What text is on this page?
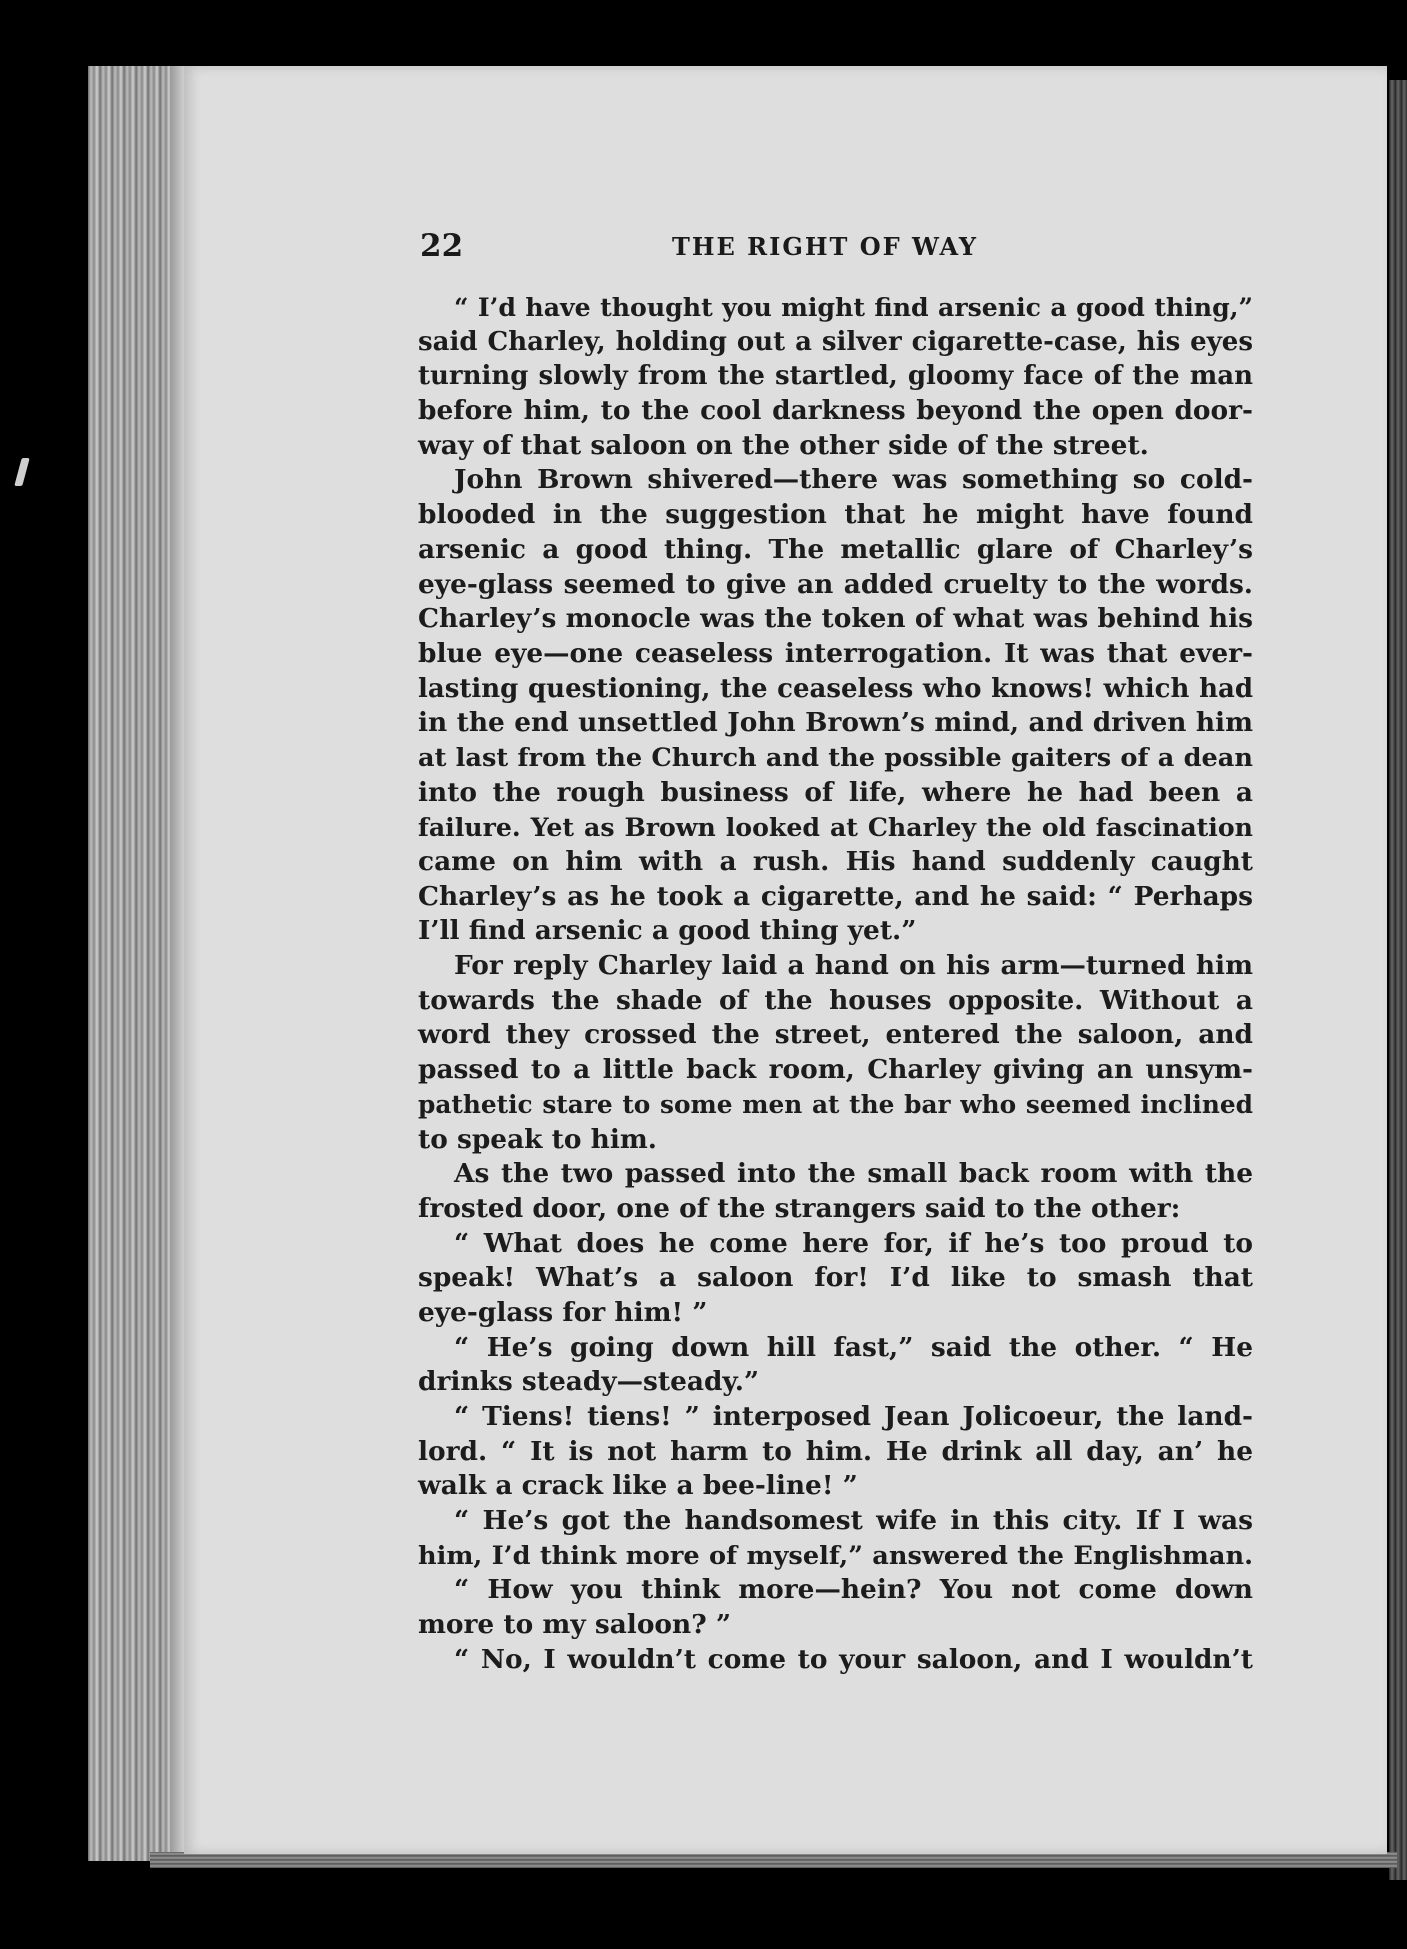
22	THE RIGHT OF WAY
“ I’d have thought you might find arsenic a good thing,”
said Charley, holding out a silver cigarette-case, his eyes
turning slowly from the startled, gloomy face of the man
before him, to the cool darkness beyond the open door-
way of that saloon on the other side of the street.
John Brown shivered—there was something so cold-
blooded in the suggestion that he might have found
arsenic a good thing. The metallic glare of Charley’s
eye-glass seemed to give an added cruelty to the words.
Charley’s monocle was the token of what was behind his
blue eye—one ceaseless interrogation. It was that ever-
lasting questioning, the ceaseless who knows! which had
in the end unsettled John Brown’s mind, and driven him
at last from the Church and the possible gaiters of a dean
into the rough business of life, where he had been a
failure. Yet as Brown looked at Charley the old fascination
came on him with a rush. His hand suddenly caught
Charley’s as he took a cigarette, and he said: “ Perhaps
I’ll find arsenic a good thing yet.”
For reply Charley laid a hand on his arm—turned him
towards the shade of the houses opposite. Without a
word they crossed the street, entered the saloon, and
passed to a little back room, Charley giving an unsym-
pathetic stare to some men at the bar who seemed inclined
to speak to him.
As the two passed into the small back room with the
frosted door, one of the strangers said to the other:
“ What does he come here for, if he’s too proud to
speak! What’s a saloon for! I’d like to smash that
eye-glass for him! ”
“ He’s going down hill fast,” said the other. “ He
drinks steady—steady.”
“ Tiens! tiens! ” interposed Jean Jolicoeur, the land-
lord. “ It is not harm to him. He drink all day, an’ he
walk a crack like a bee-line! ”
“ He’s got the handsomest wife in this city. If I was
him, I’d think more of myself,” answered the Englishman.
“ How you think more—hein? You not come down
more to my saloon? ”
“ No, I wouldn’t come to your saloon, and I wouldn’t
